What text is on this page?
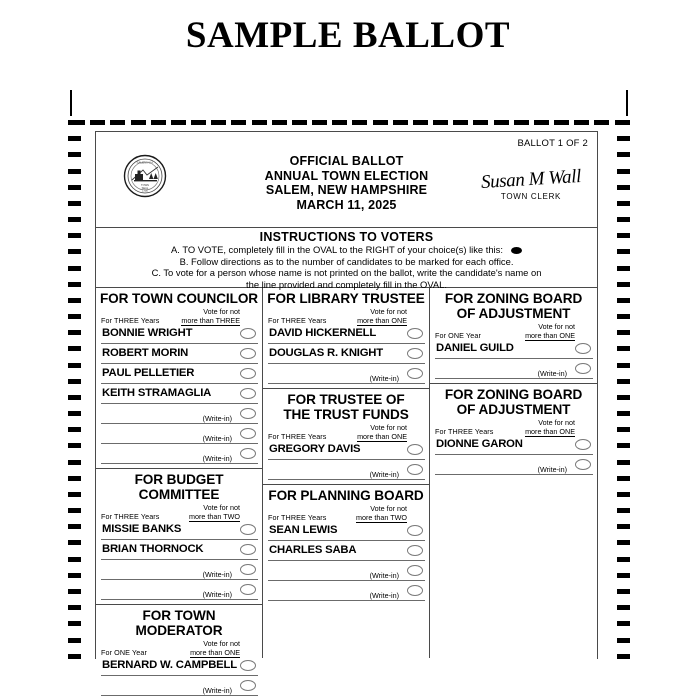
SAMPLE BALLOT
BALLOT 1 OF 2
SALEM N.H.
TOWN
SEAL
1750
OFFICIAL BALLOT
ANNUAL TOWN ELECTION
SALEM, NEW HAMPSHIRE
MARCH 11, 2025
Susan M Wall
TOWN CLERK
INSTRUCTIONS TO VOTERS

A. TO VOTE, completely fill in the OVAL to the RIGHT of your choice(s) like this:

B. Follow directions as to the number of candidates to be marked for each office.

C. To vote for a person whose name is not printed on the ballot, write the candidate's name on

the line provided and completely fill in the OVAL.

FOR TOWN COUNCILOR
For THREE Years
Vote for not
more than THREE
BONNIE WRIGHT
ROBERT MORIN
PAUL PELLETIER
KEITH STRAMAGLIA
(Write-in)
(Write-in)
(Write-in)
FOR BUDGET COMMITTEE
For THREE Years
Vote for not
more than TWO
MISSIE BANKS
BRIAN THORNOCK
(Write-in)
(Write-in)
FOR TOWN MODERATOR
For ONE Year
Vote for not
more than ONE
BERNARD W. CAMPBELL
(Write-in)
FOR LIBRARY TRUSTEE
For THREE Years
Vote for not
more than ONE
DAVID HICKERNELL
DOUGLAS R. KNIGHT
(Write-in)
FOR TRUSTEE OF
THE TRUST FUNDS
For THREE Years
Vote for not
more than ONE
GREGORY DAVIS
(Write-in)
FOR PLANNING BOARD
For THREE Years
Vote for not
more than TWO
SEAN LEWIS
CHARLES SABA
(Write-in)
(Write-in)
FOR ZONING BOARD
OF ADJUSTMENT
For ONE Year
Vote for not
more than ONE
DANIEL GUILD
(Write-in)
FOR ZONING BOARD
OF ADJUSTMENT
For THREE Years
Vote for not
more than ONE
DIONNE GARON
(Write-in)
